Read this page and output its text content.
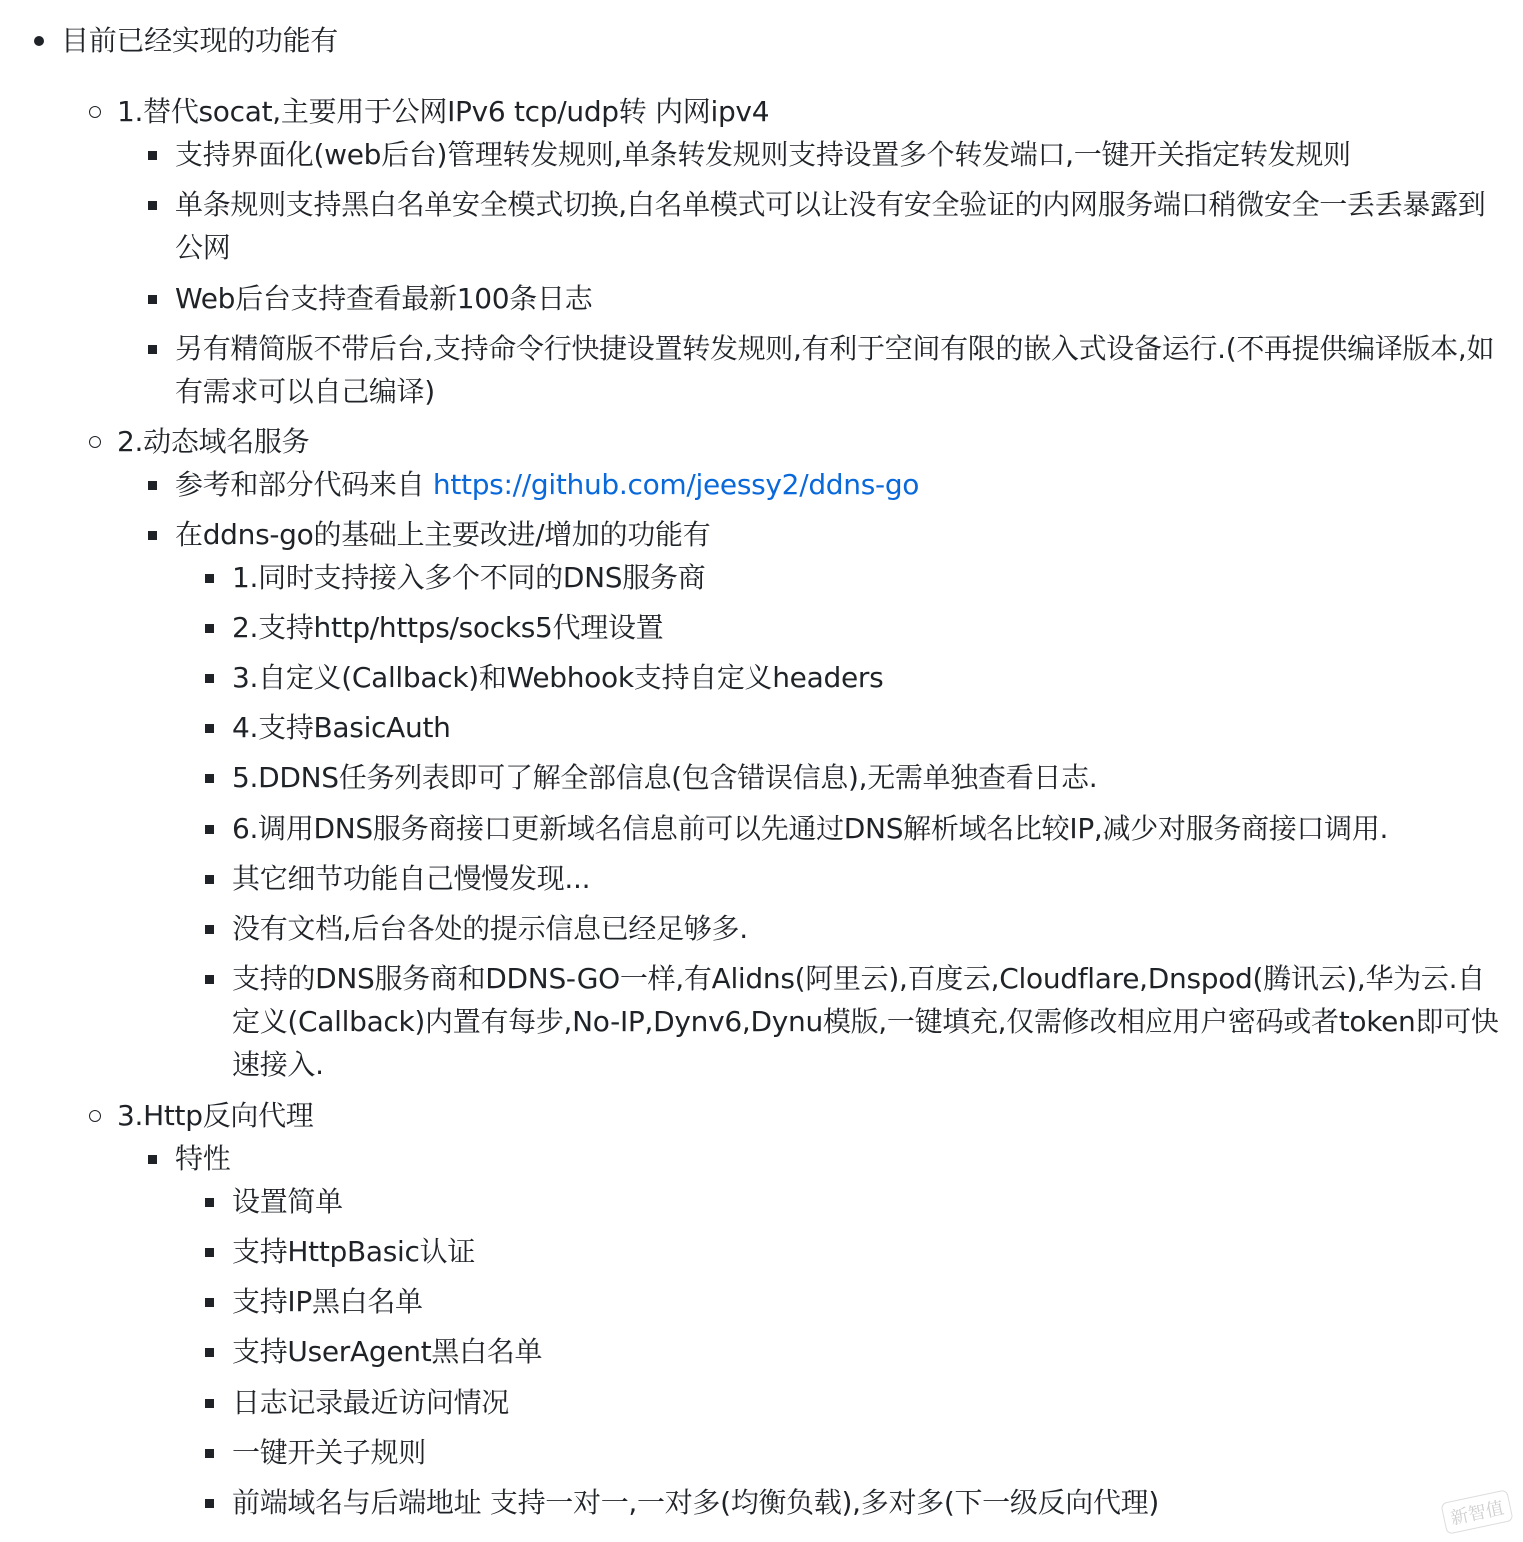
目前已经实现的功能有
1.替代socat,主要用于公网IPv6 tcp/udp转 内网ipv4
支持界面化(web后台)管理转发规则,单条转发规则支持设置多个转发端口,一键开关指定转发规则
单条规则支持黑白名单安全模式切换,白名单模式可以让没有安全验证的内网服务端口稍微安全一丢丢暴露到公网
Web后台支持查看最新100条日志
另有精简版不带后台,支持命令行快捷设置转发规则,有利于空间有限的嵌入式设备运行.(不再提供编译版本,如有需求可以自己编译)
2.动态域名服务
参考和部分代码来自 https://github.com/jeessy2/ddns-go
在ddns-go的基础上主要改进/增加的功能有
1.同时支持接入多个不同的DNS服务商
2.支持http/https/socks5代理设置
3.自定义(Callback)和Webhook支持自定义headers
4.支持BasicAuth
5.DDNS任务列表即可了解全部信息(包含错误信息),无需单独查看日志.
6.调用DNS服务商接口更新域名信息前可以先通过DNS解析域名比较IP,减少对服务商接口调用.
其它细节功能自己慢慢发现...
没有文档,后台各处的提示信息已经足够多.
支持的DNS服务商和DDNS-GO一样,有Alidns(阿里云),百度云,Cloudflare,Dnspod(腾讯云),华为云.自定义(Callback)内置有每步,No-IP,Dynv6,Dynu模版,一键填充,仅需修改相应用户密码或者token即可快速接入.
3.Http反向代理
特性
设置简单
支持HttpBasic认证
支持IP黑白名单
支持UserAgent黑白名单
日志记录最近访问情况
一键开关子规则
前端域名与后端地址 支持一对一,一对多(均衡负载),多对多(下一级反向代理)	新智值
